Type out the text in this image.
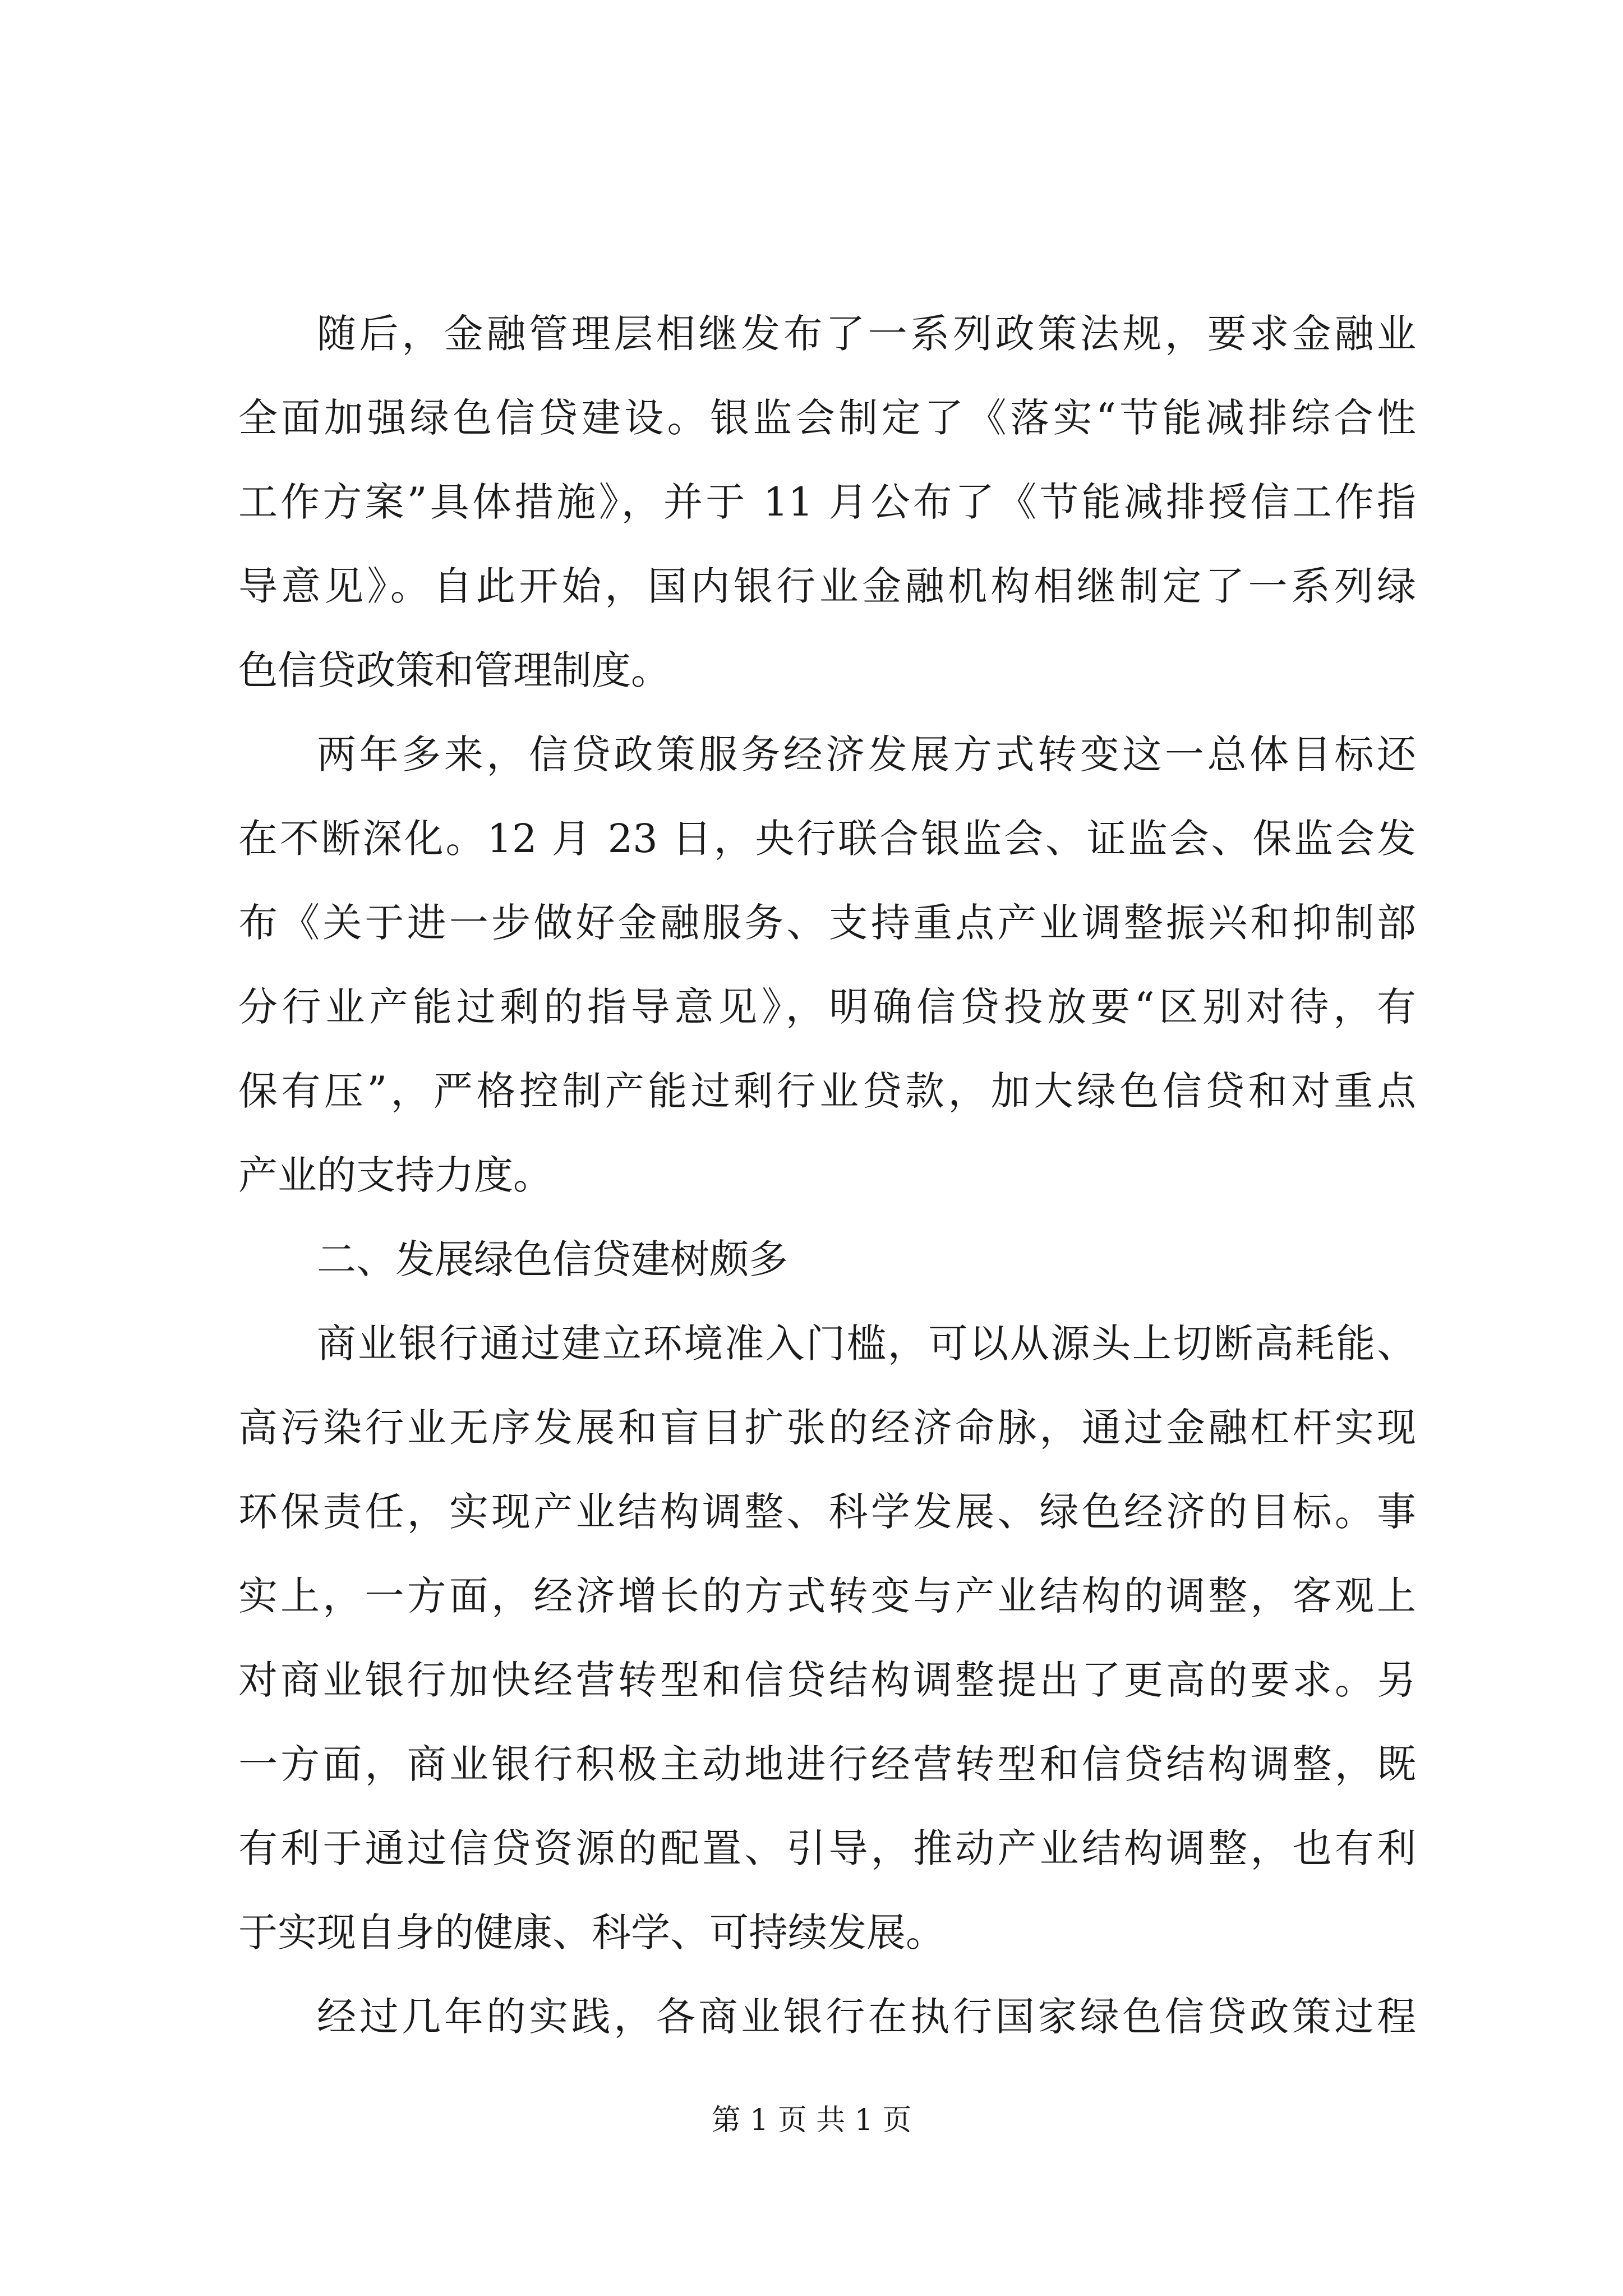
随后，金融管理层相继发布了一系列政策法规，要求金融业
全面加强绿色信贷建设。银监会制定了《落实“节能减排综合性
工作方案”具体措施》，并于 11 月公布了《节能减排授信工作指
导意见》。自此开始，国内银行业金融机构相继制定了一系列绿
色信贷政策和管理制度。
两年多来，信贷政策服务经济发展方式转变这一总体目标还
在不断深化。12 月 23 日，央行联合银监会、证监会、保监会发
布《关于进一步做好金融服务、支持重点产业调整振兴和抑制部
分行业产能过剩的指导意见》，明确信贷投放要“区别对待，有
保有压”，严格控制产能过剩行业贷款，加大绿色信贷和对重点
产业的支持力度。
二、发展绿色信贷建树颇多
商业银行通过建立环境准入门槛，可以从源头上切断高耗能、
高污染行业无序发展和盲目扩张的经济命脉，通过金融杠杆实现
环保责任，实现产业结构调整、科学发展、绿色经济的目标。事
实上，一方面，经济增长的方式转变与产业结构的调整，客观上
对商业银行加快经营转型和信贷结构调整提出了更高的要求。另
一方面，商业银行积极主动地进行经营转型和信贷结构调整，既
有利于通过信贷资源的配置、引导，推动产业结构调整，也有利
于实现自身的健康、科学、可持续发展。
经过几年的实践，各商业银行在执行国家绿色信贷政策过程
第 1 页 共 1 页
